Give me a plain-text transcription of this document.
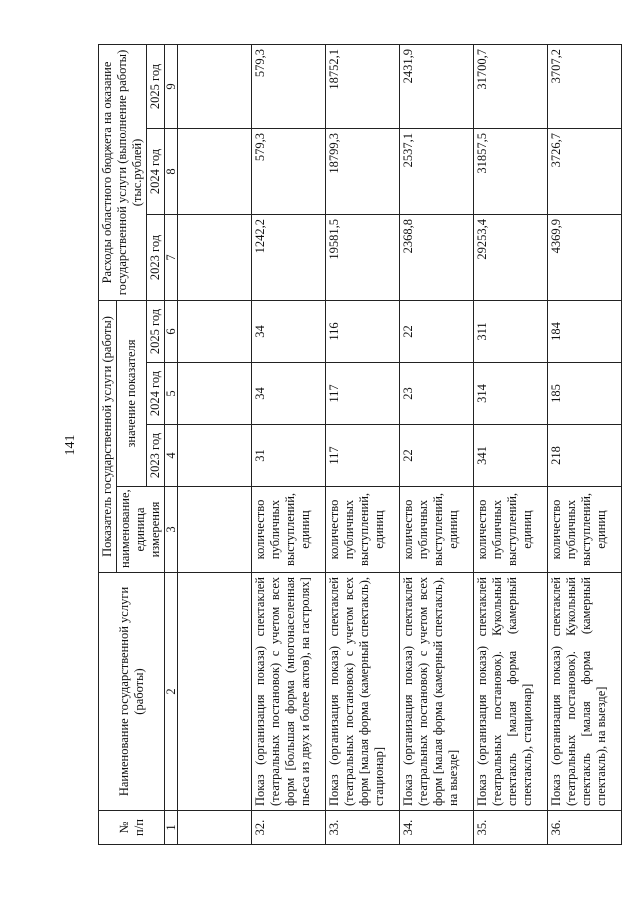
141
№ п/п	Наименование государственной услуги (работы)	Показатель государственной услуги (работы)				Расходы областного бюджета на оказание государственной услуги (выполнение работы) (тыс.рублей)		
		наименование, единица измерения	значение показателя					
			2023 год	2024 год	2025 год	2023 год	2024 год	2025 год
1	2	3	4	5	6	7	8	9

32.	Показ (организация показа) спектаклей (театральных постановок) с учетом всех форм [большая форма (многонаселенная пьеса из двух и более актов), на гастролях]	количество публичных выступлений, единиц	31	34	34	1242,2	579,3	579,3
33.	Показ (организация показа) спектаклей (театральных постановок) с учетом всех форм [малая форма (камерный спектакль), стационар]	количество публичных выступлений, единиц	117	117	116	19581,5	18799,3	18752,1
34.	Показ (организация показа) спектаклей (театральных постановок) с учетом всех форм [малая форма (камерный спектакль), на выезде]	количество публичных выступлений, единиц	22	23	22	2368,8	2537,1	2431,9
35.	Показ (организация показа) спектаклей (театральных постановок). Кукольный спектакль [малая форма (камерный спектакль), стационар]	количество публичных выступлений, единиц	341	314	311	29253,4	31857,5	31700,7
36.	Показ (организация показа) спектаклей (театральных постановок). Кукольный спектакль [малая форма (камерный спектакль), на выезде]	количество публичных выступлений, единиц	218	185	184	4369,9	3726,7	3707,2
